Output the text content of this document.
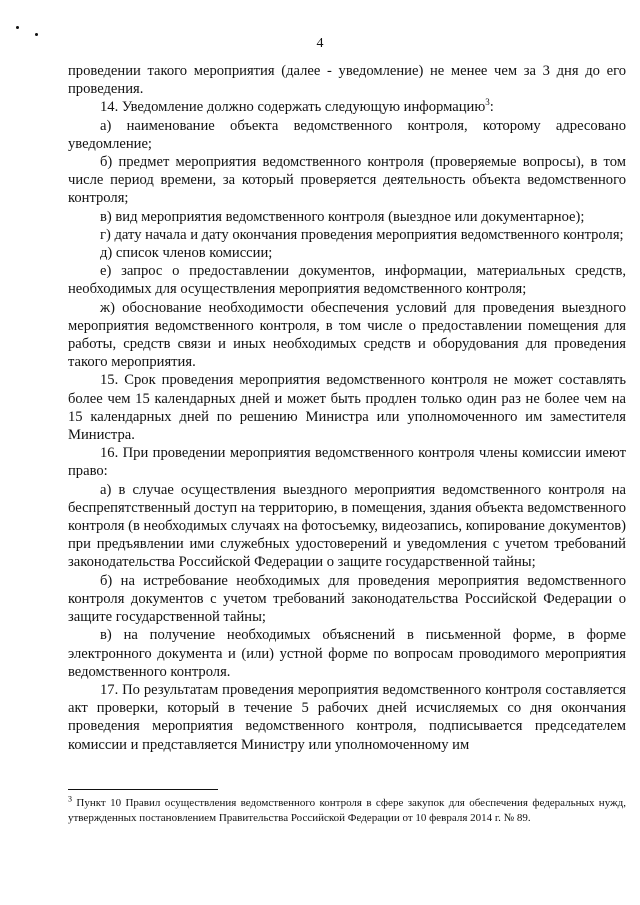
4

проведении такого мероприятия (далее - уведомление) не менее чем за 3 дня до его проведения.

14. Уведомление должно содержать следующую информацию$^3$:

а) наименование объекта ведомственного контроля, которому адресовано уведомление;

б) предмет мероприятия ведомственного контроля (проверяемые вопросы), в том числе период времени, за который проверяется деятельность объекта ведомственного контроля;

в) вид мероприятия ведомственного контроля (выездное или документарное);

г) дату начала и дату окончания проведения мероприятия ведомственного контроля;

д) список членов комиссии;

е) запрос о предоставлении документов, информации, материальных средств, необходимых для осуществления мероприятия ведомственного контроля;

ж) обоснование необходимости обеспечения условий для проведения выездного мероприятия ведомственного контроля, в том числе о предоставлении помещения для работы, средств связи и иных необходимых средств и оборудования для проведения такого мероприятия.

15. Срок проведения мероприятия ведомственного контроля не может составлять более чем 15 календарных дней и может быть продлен только один раз не более чем на 15 календарных дней по решению Министра или уполномоченного им заместителя Министра.

16. При проведении мероприятия ведомственного контроля члены комиссии имеют право:

а) в случае осуществления выездного мероприятия ведомственного контроля на беспрепятственный доступ на территорию, в помещения, здания объекта ведомственного контроля (в необходимых случаях на фотосъемку, видеозапись, копирование документов) при предъявлении ими служебных удостоверений и уведомления с учетом требований законодательства Российской Федерации о защите государственной тайны;

б) на истребование необходимых для проведения мероприятия ведомственного контроля документов с учетом требований законодательства Российской Федерации о защите государственной тайны;

в) на получение необходимых объяснений в письменной форме, в форме электронного документа и (или) устной форме по вопросам проводимого мероприятия ведомственного контроля.

17. По результатам проведения мероприятия ведомственного контроля составляется акт проверки, который в течение 5 рабочих дней исчисляемых со дня окончания проведения мероприятия ведомственного контроля, подписывается председателем комиссии и представляется Министру или уполномоченному им

$^3$ Пункт 10 Правил осуществления ведомственного контроля в сфере закупок для обеспечения федеральных нужд, утвержденных постановлением Правительства Российской Федерации от 10 февраля 2014 г. № 89.
